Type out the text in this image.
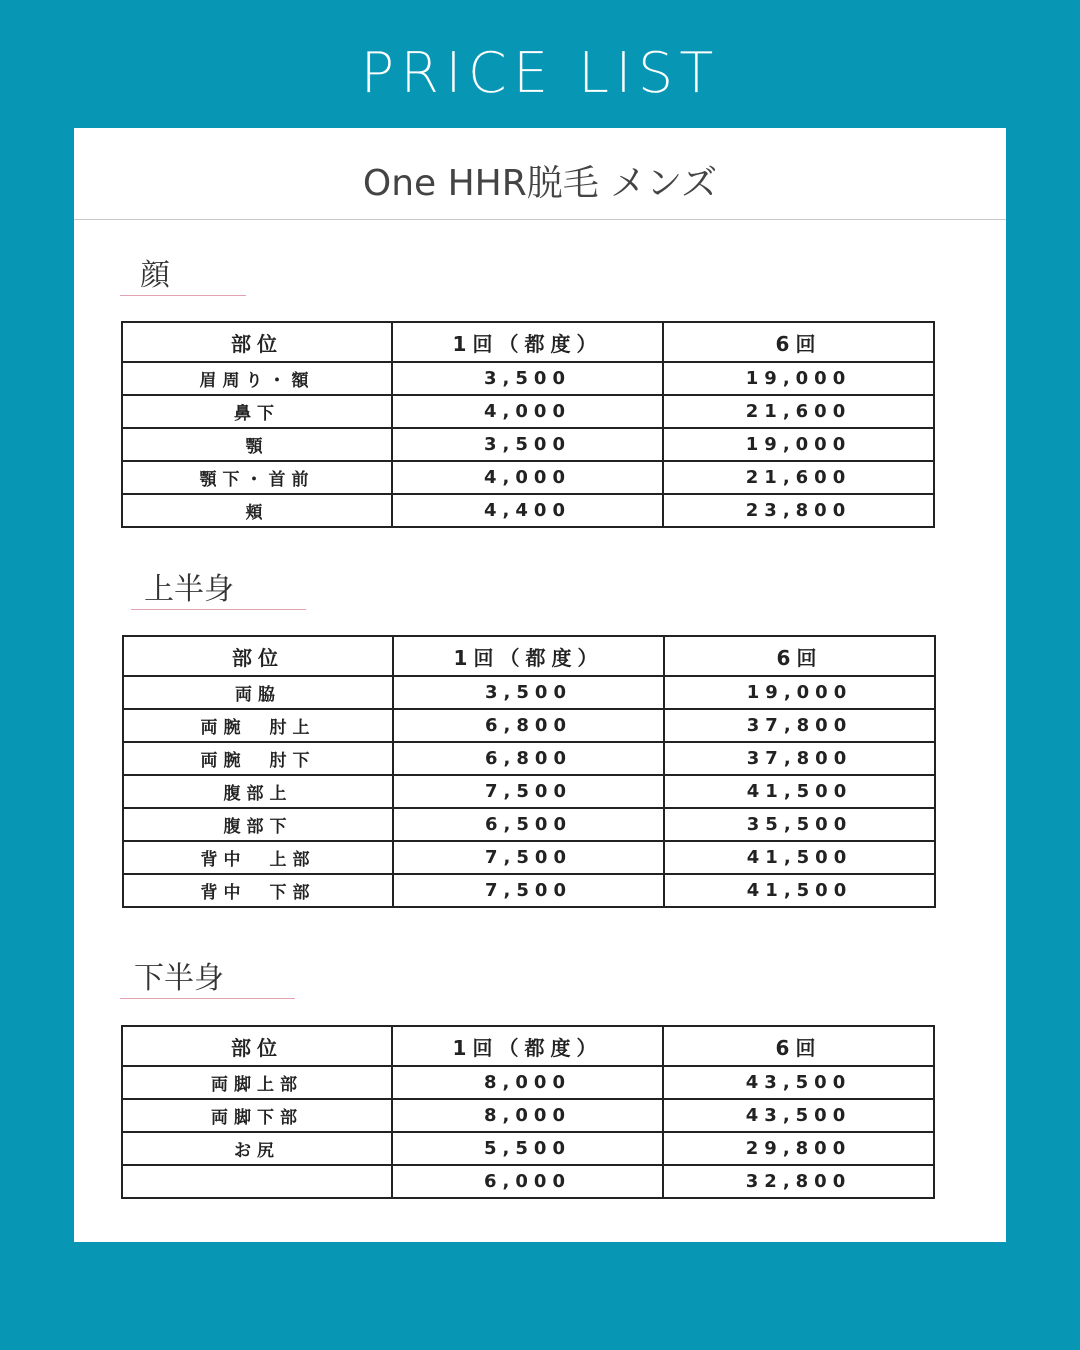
PRICE LIST
One HHR脱毛 メンズ
顔
部位	1回（都度）	6回
眉周り・額	3,500	19,000
鼻下	4,000	21,600
顎	3,500	19,000
顎下・首前	4,000	21,600
頬	4,400	23,800
上半身
部位	1回（都度）	6回
両脇	3,500	19,000
両腕　肘上	6,800	37,800
両腕　肘下	6,800	37,800
腹部上	7,500	41,500
腹部下	6,500	35,500
背中　上部	7,500	41,500
背中　下部	7,500	41,500
下半身
部位	1回（都度）	6回
両脚上部	8,000	43,500
両脚下部	8,000	43,500
お尻	5,500	29,800
	6,000	32,800
